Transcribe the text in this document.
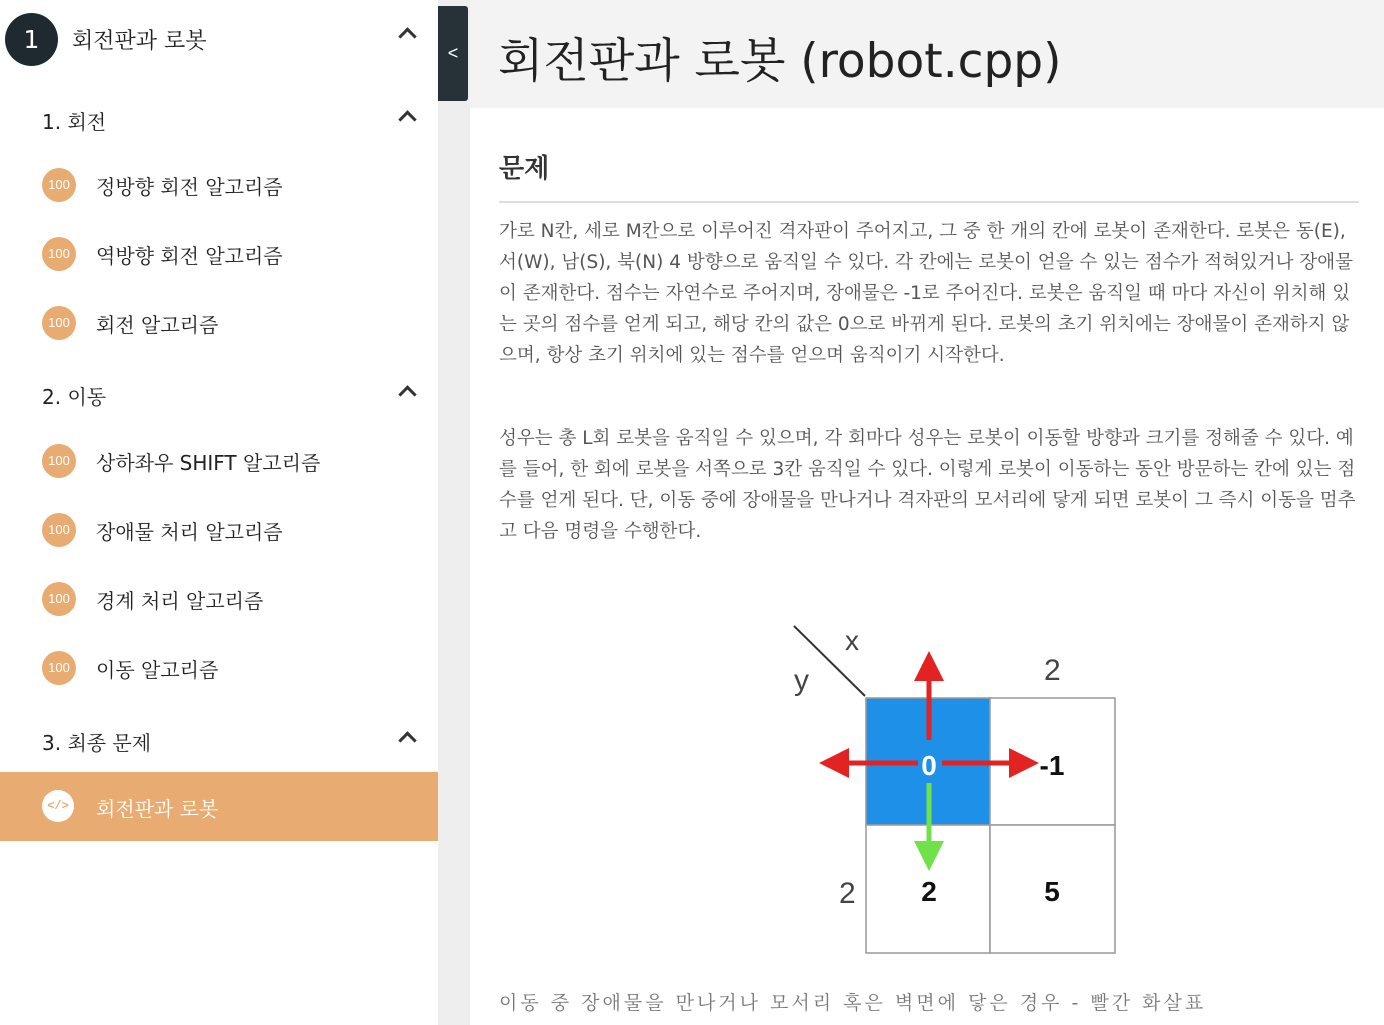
1	회전판과 로봇
1. 회전
100	정방향 회전 알고리즘
100	역방향 회전 알고리즘
100	회전 알고리즘
2. 이동
100	상하좌우 SHIFT 알고리즘
100	장애물 처리 알고리즘
100	경계 처리 알고리즘
100	이동 알고리즘
3. 최종 문제
</> 회전판과 로봇
< 회전판과 로봇 (robot.cpp)
문제

가로 N칸, 세로 M칸으로 이루어진 격자판이 주어지고, 그 중 한 개의 칸에 로봇이 존재한다. 로봇은 동(E), 서(W), 남(S), 북(N) 4 방향으로 움직일 수 있다. 각 칸에는 로봇이 얻을 수 있는 점수가 적혀있거나 장애물이 존재한다. 점수는 자연수로 주어지며, 장애물은 -1로 주어진다. 로봇은 움직일 때 마다 자신이 위치해 있는 곳의 점수를 얻게 되고, 해당 칸의 값은 0으로 바뀌게 된다. 로봇의 초기 위치에는 장애물이 존재하지 않으며, 항상 초기 위치에 있는 점수를 얻으며 움직이기 시작한다.

성우는 총 L회 로봇을 움직일 수 있으며, 각 회마다 성우는 로봇이 이동할 방향과 크기를 정해줄 수 있다. 예를 들어, 한 회에 로봇을 서쪽으로 3칸 움직일 수 있다. 이렇게 로봇이 이동하는 동안 방문하는 칸에 있는 점수를 얻게 된다. 단, 이동 중에 장애물을 만나거나 격자판의 모서리에 닿게 되면 로봇이 그 즉시 이동을 멈추고 다음 명령을 수행한다.

x
y	2
2
0	-1
2	5
이동 중 장애물을 만나거나 모서리 혹은 벽면에 닿은 경우 - 빨간 화살표
